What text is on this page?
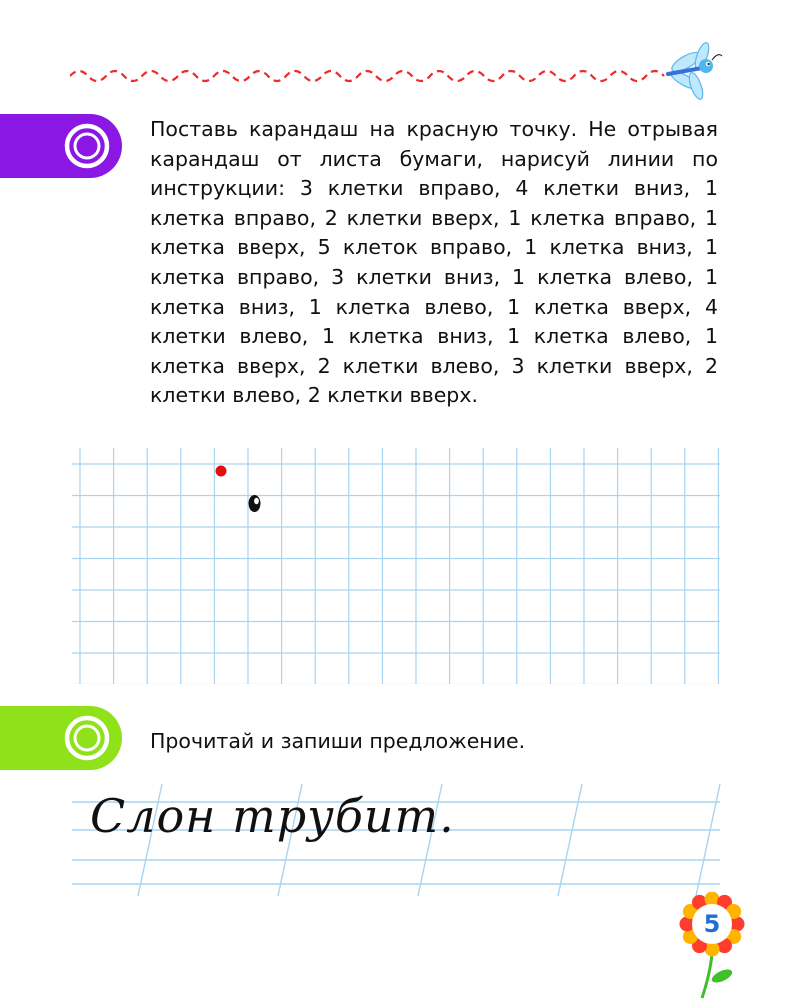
Поставь карандаш на красную точку. Не отрывая карандаш от листа бумаги, нарисуй линии по инструкции: 3 клетки вправо, 4 клетки вниз, 1 клетка вправо, 2 клетки вверх, 1 клетка вправо, 1 клетка вверх, 5 клеток вправо, 1 клетка вниз, 1 клетка вправо, 3 клетки вниз, 1 клетка влево, 1 клетка вниз, 1 клетка влево, 1 клетка вверх, 4 клетки влево, 1 клетка вниз, 1 клетка влево, 1 клетка вверх, 2 клетки влево, 3 клетки вверх, 2 клетки влево, 2 клетки вверх.

Прочитай и запиши предложение.

Слон трубит.

5
